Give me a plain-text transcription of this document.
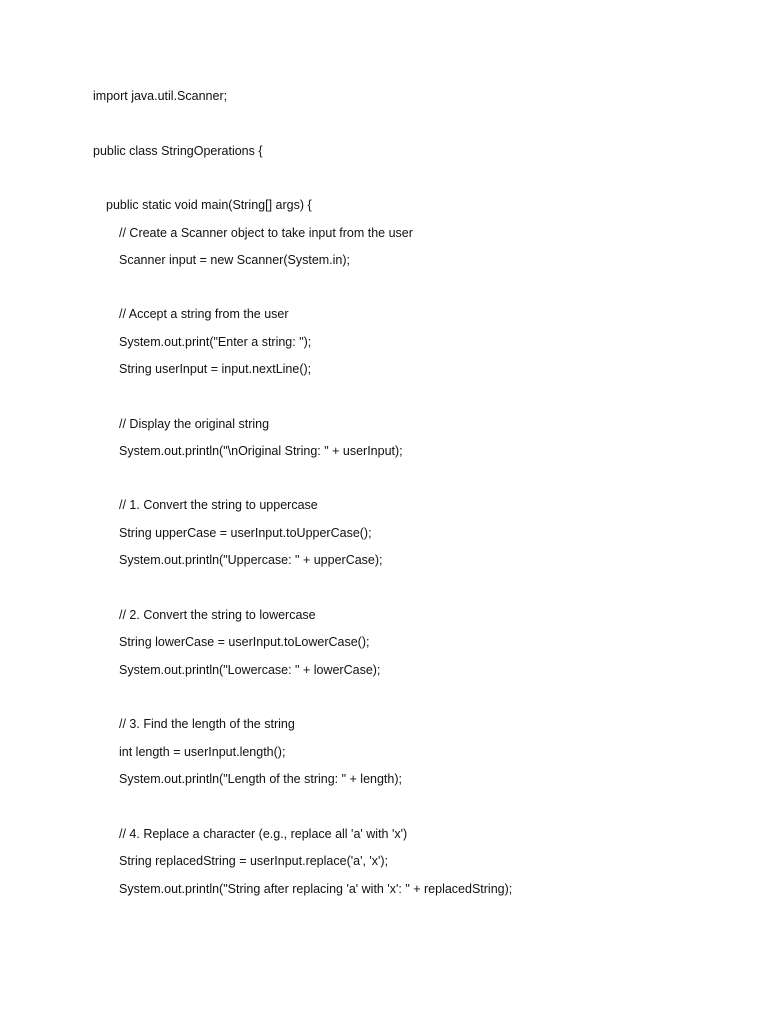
import java.util.Scanner;
public class StringOperations {
public static void main(String[] args) {
// Create a Scanner object to take input from the user
Scanner input = new Scanner(System.in);
// Accept a string from the user
System.out.print("Enter a string: ");
String userInput = input.nextLine();
// Display the original string
System.out.println("\nOriginal String: " + userInput);
// 1. Convert the string to uppercase
String upperCase = userInput.toUpperCase();
System.out.println("Uppercase: " + upperCase);
// 2. Convert the string to lowercase
String lowerCase = userInput.toLowerCase();
System.out.println("Lowercase: " + lowerCase);
// 3. Find the length of the string
int length = userInput.length();
System.out.println("Length of the string: " + length);
// 4. Replace a character (e.g., replace all 'a' with 'x')
String replacedString = userInput.replace('a', 'x');
System.out.println("String after replacing 'a' with 'x': " + replacedString);
